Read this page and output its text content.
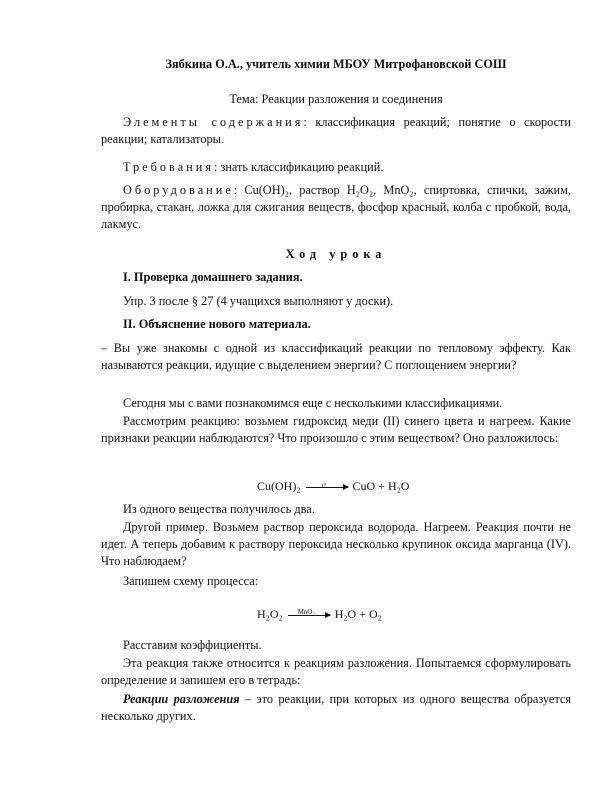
Зябкина О.А., учитель химии МБОУ Митрофановской СОШ
Тема: Реакции разложения и соединения
Элементы содержания: классификация реакций; понятие о скорости реакции; катализаторы.
Требования: знать классификацию реакций.
Оборудование: Cu(OH)₂, раствор H₂O₂, MnO₂, спиртовка, спички, зажим, пробирка, стакан, ложка для сжигания веществ, фосфор красный, колба с пробкой, вода, лакмус.
Ход урока
I. Проверка домашнего задания.
Упр. 3 после § 27 (4 учащихся выполняют у доски).
II. Объяснение нового материала.
– Вы уже знакомы с одной из классификаций реакции по тепловому эффекту. Как называются реакции, идущие с выделением энергии? С поглощением энергии?
Сегодня мы с вами познакомимся еще с несколькими классификациями.
Рассмотрим реакцию: возьмем гидроксид меди (II) синего цвета и нагреем. Какие признаки реакции наблюдаются? Что произошло с этим веществом? Оно разложилось:
Cu(OH)₂	t° CuO + H₂O
Из одного вещества получилось два.
Другой пример. Возьмем раствор пероксида водорода. Нагреем. Реакция почти не идет. А теперь добавим к раствору пероксида несколько крупинок оксида марганца (IV). Что наблюдаем?
Запишем схему процесса:
H₂O₂ MnO₂ H₂O + O₂
Расставим коэффициенты.
Эта реакция также относится к реакциям разложения. Попытаемся сформулировать определение и запишем его в тетрадь:
Реакции разложения – это реакции, при которых из одного вещества образуется несколько других.
